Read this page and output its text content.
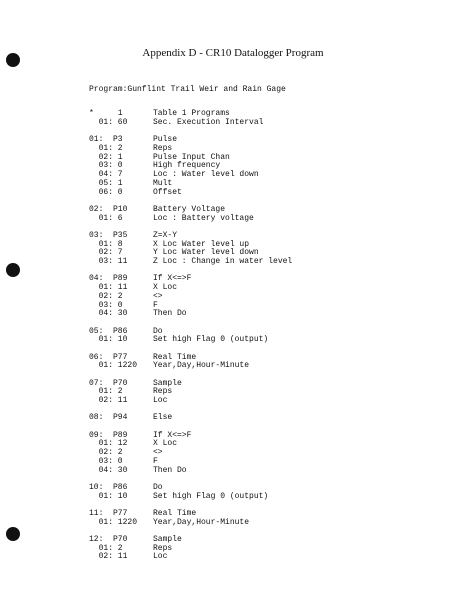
Appendix D - CR10 Datalogger Program
Program:Gunflint Trail Weir and Rain Gage
*     1	Table 1 Programs
01: 60	Sec. Execution Interval
01:  P3	Pulse
01: 2	Reps
02: 1	Pulse Input Chan
03: 0	High frequency
04: 7	Loc : Water level down
05: 1	Mult
06: 0	Offset
02:  P10	Battery Voltage
01: 6	Loc : Battery voltage
03:  P35	Z=X-Y
01: 8	X Loc Water level up
02: 7	Y Loc Water level down
03: 11	Z Loc : Change in water level
04:  P89	If X<=>F
01: 11	X Loc
02: 2	<>
03: 0	F
04: 30	Then Do
05:  P86	Do
01: 10	Set high Flag 0 (output)
06:  P77	Real Time
01: 1220	Year,Day,Hour-Minute
07:  P70	Sample
01: 2	Reps
02: 11	Loc
08:  P94	Else
09:  P89	If X<=>F
01: 12	X Loc
02: 2	<>
03: 0	F
04: 30	Then Do
10:  P86	Do
01: 10	Set high Flag 0 (output)
11:  P77	Real Time
01: 1220	Year,Day,Hour-Minute
12:  P70	Sample
01: 2	Reps
02: 11	Loc
